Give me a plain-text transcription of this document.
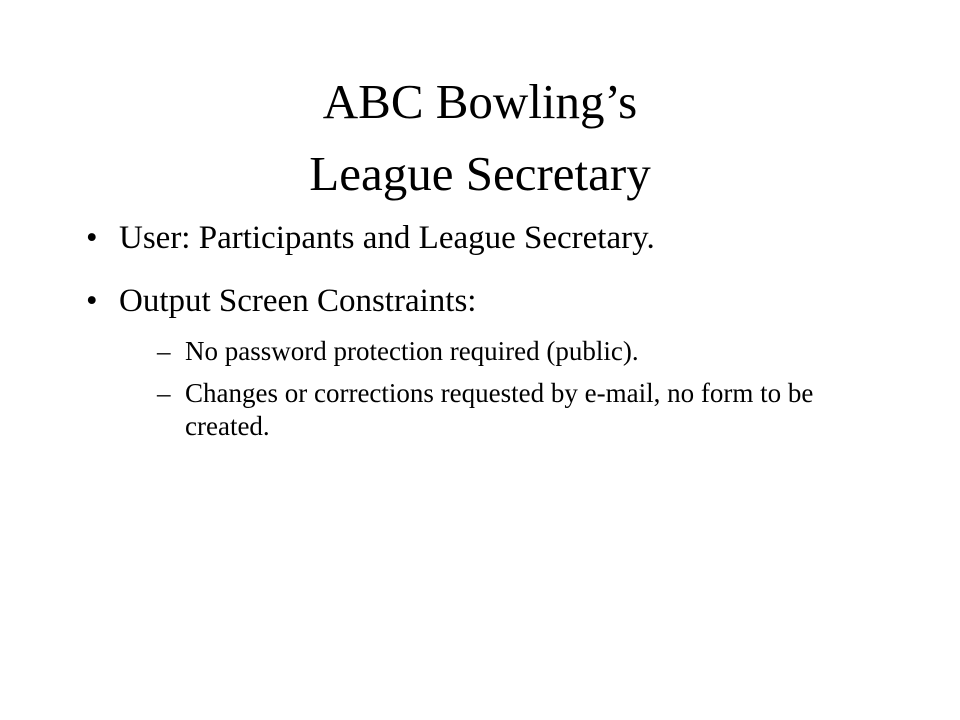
ABC Bowling’s
League Secretary
• User: Participants and League Secretary.
• Output Screen Constraints:
– No password protection required (public).
– Changes or corrections requested by e-mail, no form to be created.
